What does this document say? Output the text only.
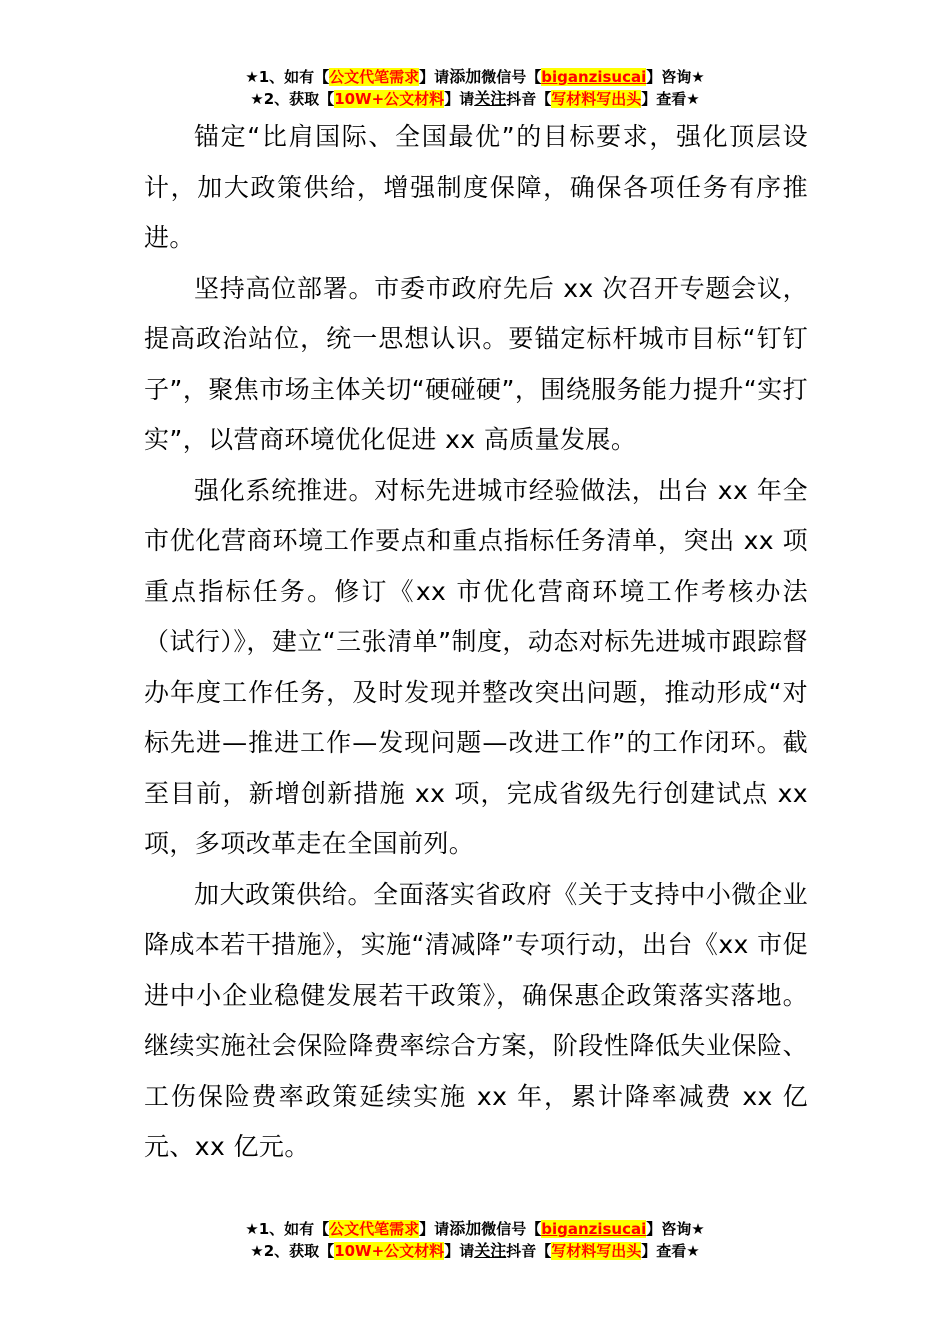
★1、如有【公文代笔需求】请添加微信号【biganzisucai】咨询★
★2、获取【10W+公文材料】请关注抖音【写材料写出头】查看★

锚定“比肩国际、全国最优”的目标要求，强化顶层设计，加大政策供给，增强制度保障，确保各项任务有序推进。

坚持高位部署。市委市政府先后 xx 次召开专题会议，提高政治站位，统一思想认识。要锚定标杆城市目标“钉钉子”，聚焦市场主体关切“硬碰硬”，围绕服务能力提升“实打实”，以营商环境优化促进 xx 高质量发展。

强化系统推进。对标先进城市经验做法，出台 xx 年全市优化营商环境工作要点和重点指标任务清单，突出 xx 项重点指标任务。修订《xx 市优化营商环境工作考核办法（试行）》，建立“三张清单”制度，动态对标先进城市跟踪督办年度工作任务，及时发现并整改突出问题，推动形成“对标先进—推进工作—发现问题—改进工作”的工作闭环。截至目前，新增创新措施 xx 项，完成省级先行创建试点 xx 项，多项改革走在全国前列。

加大政策供给。全面落实省政府《关于支持中小微企业降成本若干措施》，实施“清减降”专项行动，出台《xx 市促进中小企业稳健发展若干政策》，确保惠企政策落实落地。继续实施社会保险降费率综合方案，阶段性降低失业保险、工伤保险费率政策延续实施 xx 年，累计降率减费 xx 亿元、xx 亿元。

★1、如有【公文代笔需求】请添加微信号【biganzisucai】咨询★
★2、获取【10W+公文材料】请关注抖音【写材料写出头】查看★
